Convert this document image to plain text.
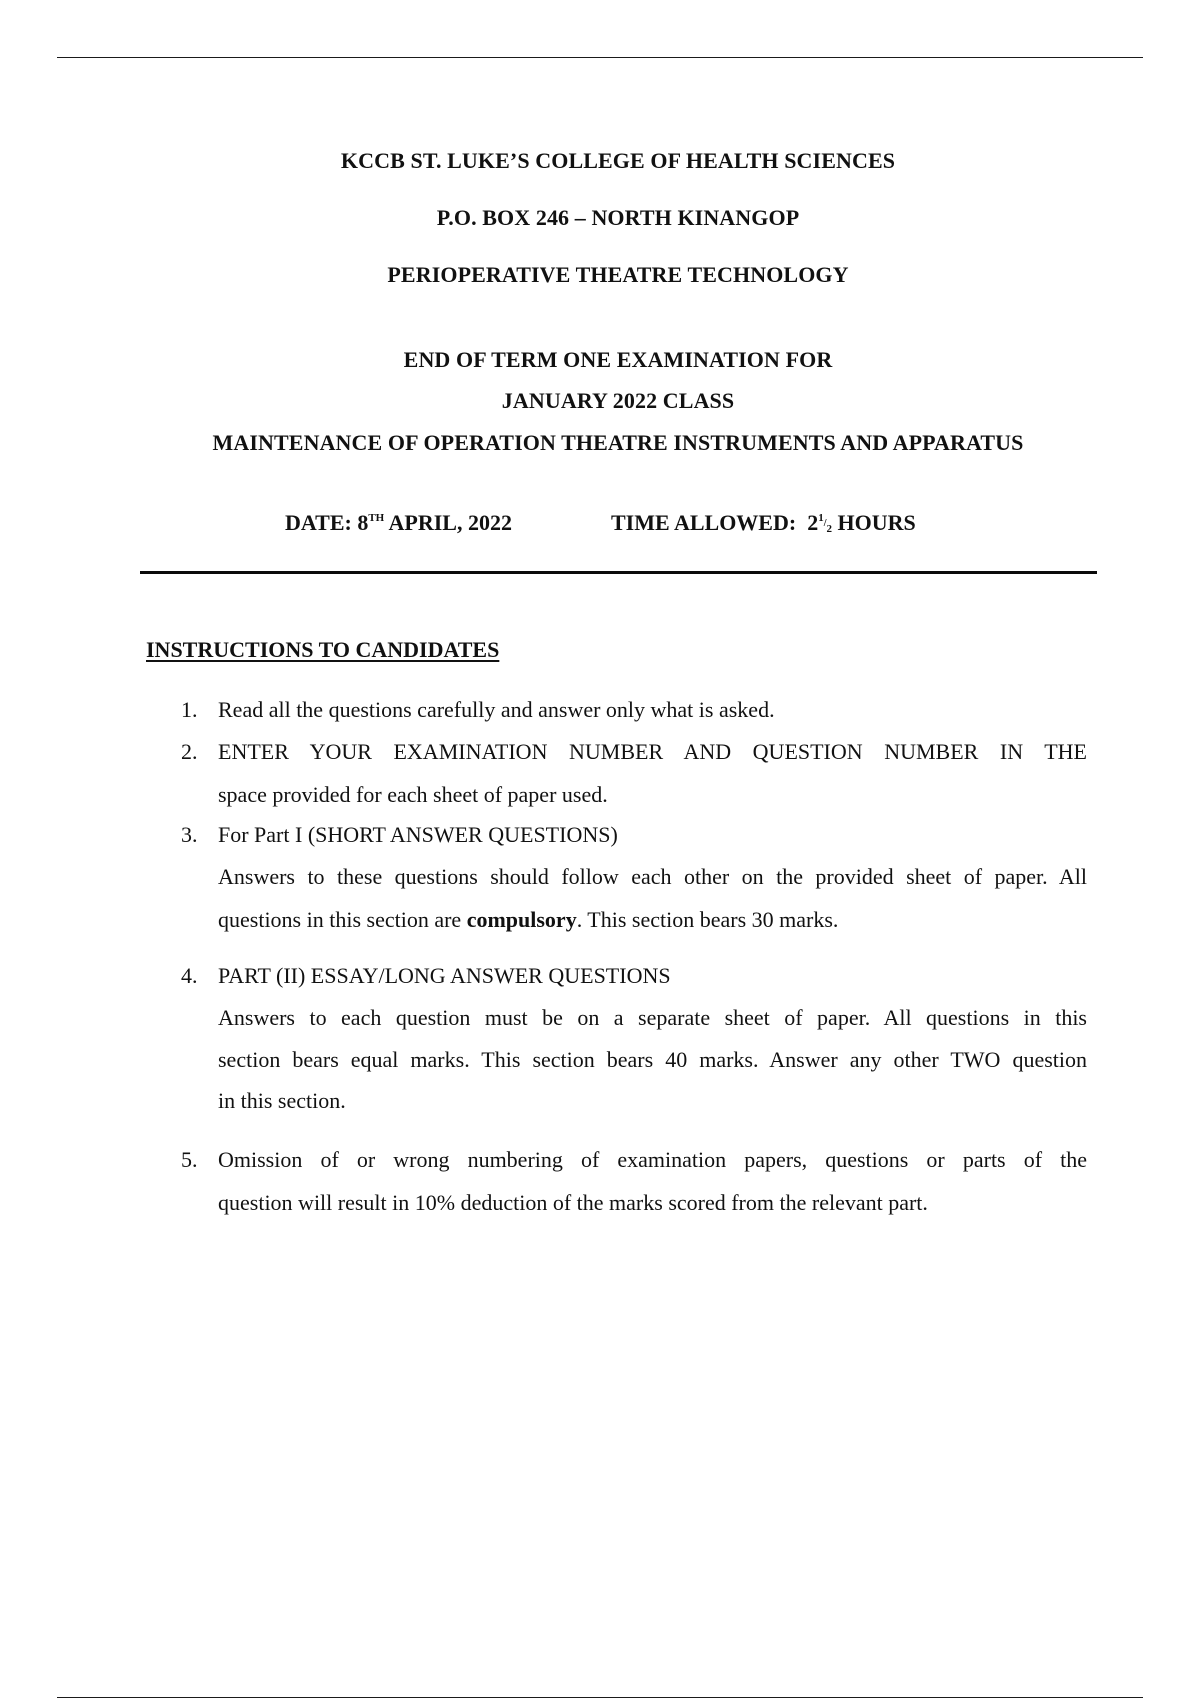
KCCB ST. LUKE’S COLLEGE OF HEALTH SCIENCES
P.O. BOX 246 – NORTH KINANGOP
PERIOPERATIVE THEATRE TECHNOLOGY
END OF TERM ONE EXAMINATION FOR
JANUARY 2022 CLASS
MAINTENANCE OF OPERATION THEATRE INSTRUMENTS AND APPARATUS
DATE: 8TH APRIL, 2022	TIME ALLOWED: 21/2 HOURS
INSTRUCTIONS TO CANDIDATES
1. Read all the questions carefully and answer only what is asked.
2. ENTER YOUR EXAMINATION NUMBER AND QUESTION NUMBER IN THE
space provided for each sheet of paper used.
3. For Part I (SHORT ANSWER QUESTIONS)
Answers to these questions should follow each other on the provided sheet of paper. All
questions in this section are compulsory. This section bears 30 marks.
4. PART (II) ESSAY/LONG ANSWER QUESTIONS
Answers to each question must be on a separate sheet of paper. All questions in this
section bears equal marks. This section bears 40 marks. Answer any other TWO question
in this section.
5. Omission of or wrong numbering of examination papers, questions or parts of the
question will result in 10% deduction of the marks scored from the relevant part.
